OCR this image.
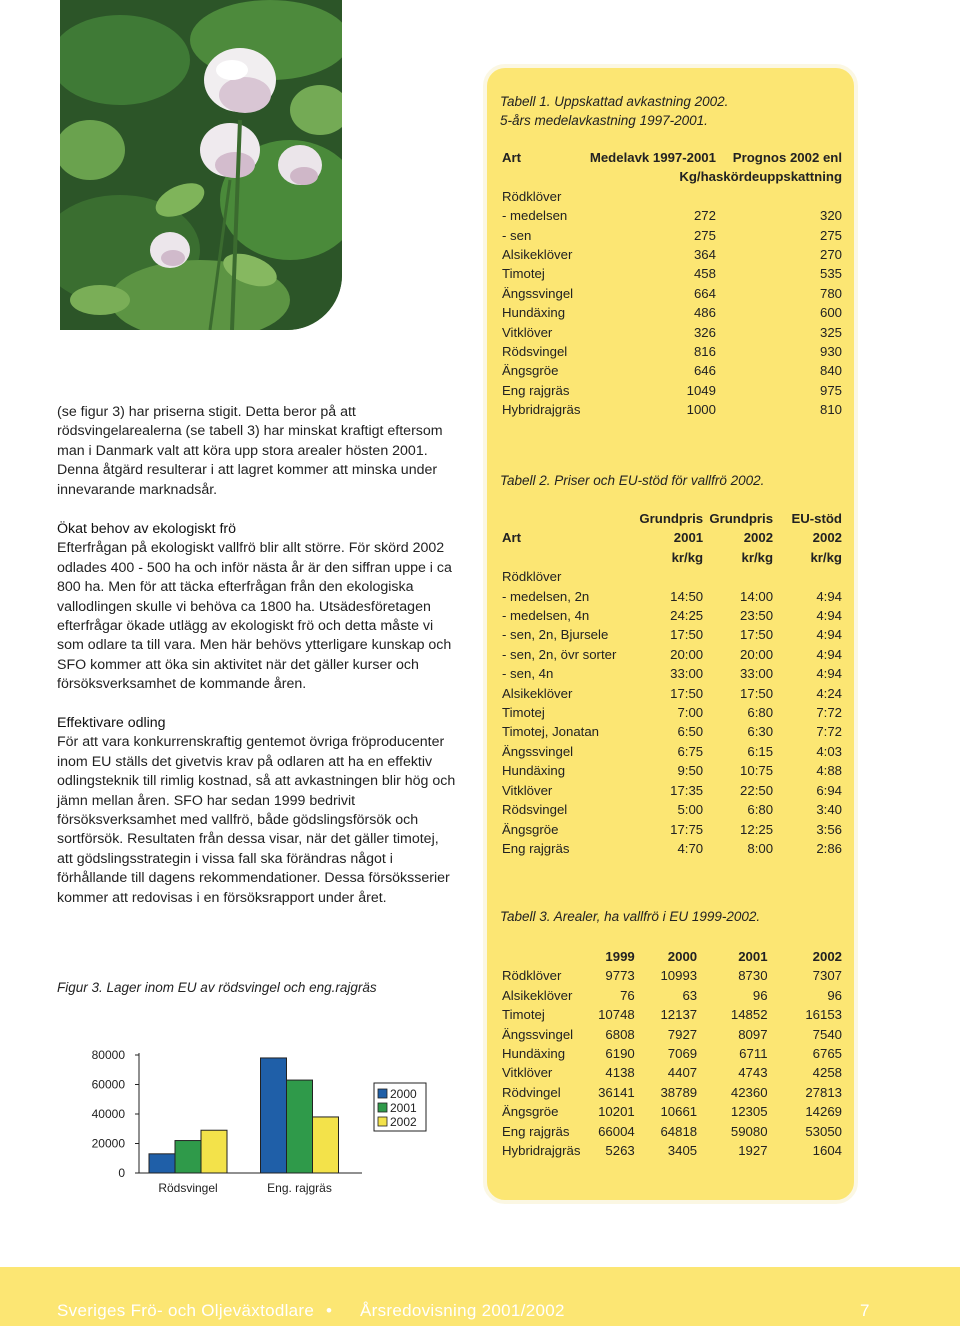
(se figur 3) har priserna stigit. Detta beror på att rödsvingelarealerna (se tabell 3) har minskat kraftigt eftersom man i Danmark valt att köra upp stora arealer hösten 2001. Denna åtgärd resulterar i att lagret kommer att minska under innevarande marknadsår.

Ökat behov av ekologiskt frö

Efterfrågan på ekologiskt vallfrö blir allt större. För skörd 2002 odlades 400 - 500 ha och inför nästa år är den siffran uppe i ca 800 ha. Men för att täcka efterfrågan från den ekologiska vallodlingen skulle vi behöva ca 1800 ha. Utsädesföretagen efterfrågar ökade utlägg av ekologiskt frö och detta måste vi som odlare ta till vara. Men här behövs ytterligare kunskap och SFO kommer att öka sin aktivitet när det gäller kurser och försöksverksamhet de kommande åren.

Effektivare odling

För att vara konkurrenskraftig gentemot övriga fröproducenter inom EU ställs det givetvis krav på odlaren att ha en effektiv odlingsteknik till rimlig kostnad, så att avkastningen blir hög och jämn mellan åren. SFO har sedan 1999 bedrivit försöksverksamhet med vallfrö, både gödslingsförsök och sortförsök. Resultaten från dessa visar, när det gäller timotej, att gödslingsstrategin i vissa fall ska förändras något i förhållande till dagens rekommendationer. Dessa försöksserier kommer att redovisas i en försöksrapport under året.

Figur 3. Lager inom EU av rödsvingel och eng.rajgräs
80000
60000
40000
20000
0
Rödsvingel	Eng. rajgräs
2000
2001
2002
Tabell 1. Uppskattad avkastning 2002.
5-års medelavkastning 1997-2001.
Art	Medelavk 1997-2001	Prognos 2002 enl
	Kg/ha	skördeuppskattning
Rödklöver		
- medelsen	272	320
- sen	275	275
Alsikeklöver	364	270
Timotej	458	535
Ängssvingel	664	780
Hundäxing	486	600
Vitklöver	326	325
Rödsvingel	816	930
Ängsgröe	646	840
Eng rajgräs	1049	975
Hybridrajgräs	1000	810
Tabell 2. Priser och EU-stöd för vallfrö 2002.
	Grundpris	Grundpris	EU-stöd
Art	2001	2002	2002
	kr/kg	kr/kg	kr/kg
Rödklöver			
- medelsen, 2n	14:50	14:00	4:94
- medelsen, 4n	24:25	23:50	4:94
- sen, 2n, Bjursele	17:50	17:50	4:94
- sen, 2n, övr sorter	20:00	20:00	4:94
- sen, 4n	33:00	33:00	4:94
Alsikeklöver	17:50	17:50	4:24
Timotej	7:00	6:80	7:72
Timotej, Jonatan	6:50	6:30	7:72
Ängssvingel	6:75	6:15	4:03
Hundäxing	9:50	10:75	4:88
Vitklöver	17:35	22:50	6:94
Rödsvingel	5:00	6:80	3:40
Ängsgröe	17:75	12:25	3:56
Eng rajgräs	4:70	8:00	2:86
Tabell 3. Arealer, ha vallfrö i EU 1999-2002.
	1999	2000	2001	2002
Rödklöver	9773	10993	8730	7307
Alsikeklöver	76	63	96	96
Timotej	10748	12137	14852	16153
Ängssvingel	6808	7927	8097	7540
Hundäxing	6190	7069	6711	6765
Vitklöver	4138	4407	4743	4258
Rödvingel	36141	38789	42360	27813
Ängsgröe	10201	10661	12305	14269
Eng rajgräs	66004	64818	59080	53050
Hybridrajgräs	5263	3405	1927	1604
Sveriges Frö- och Oljeväxtodlare • Årsredovisning 2001/2002	7
